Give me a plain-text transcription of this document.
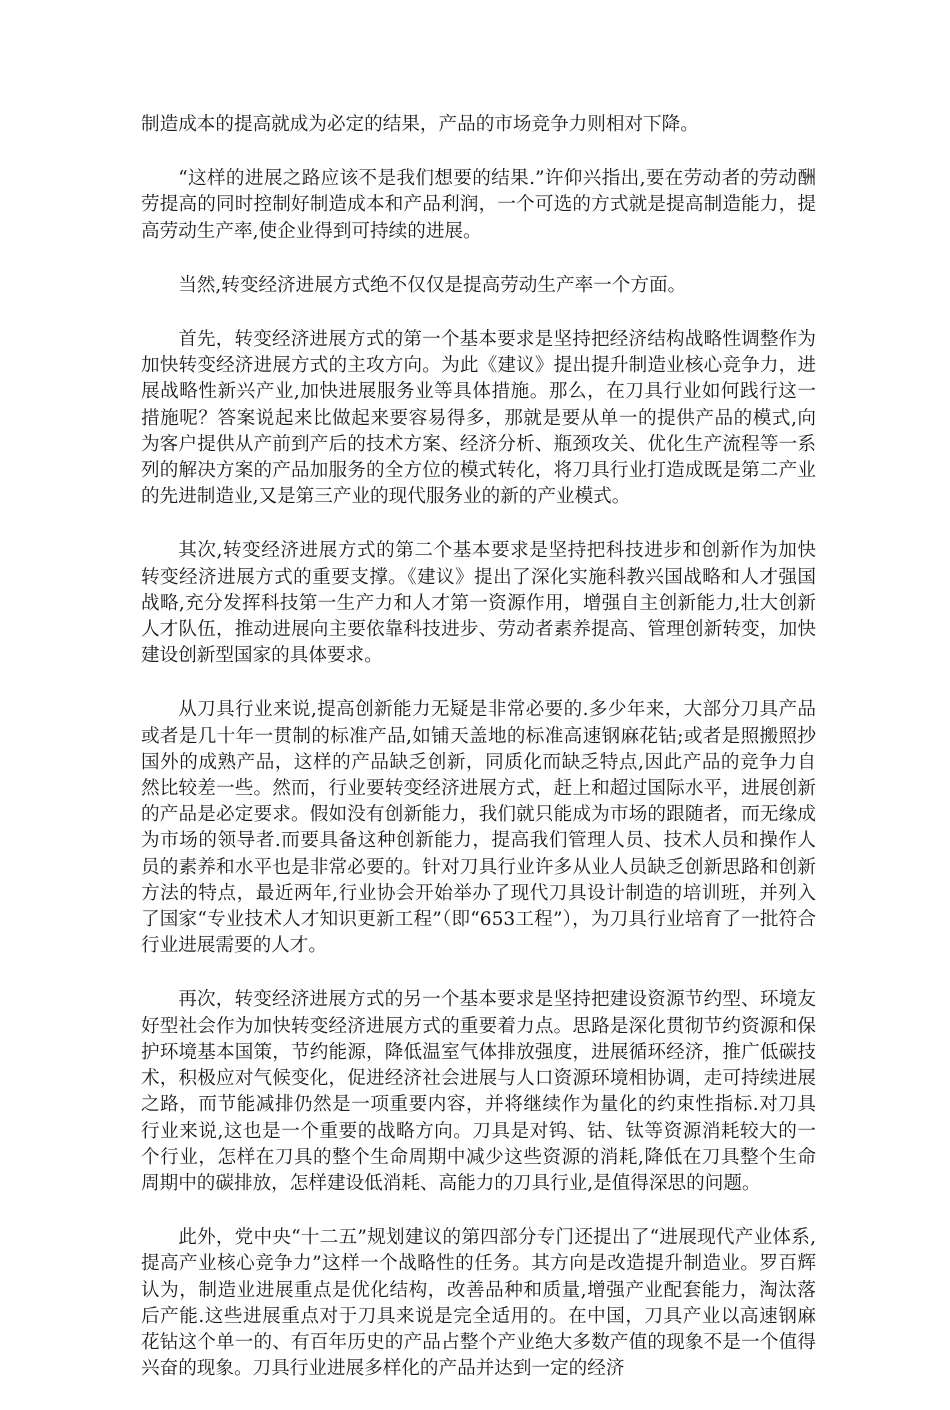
制造成本的提高就成为必定的结果，产品的市场竞争力则相对下降。

“这样的进展之路应该不是我们想要的结果.”许仰兴指出,要在劳动者的劳动酬劳提高的同时控制好制造成本和产品利润，一个可选的方式就是提高制造能力，提高劳动生产率,使企业得到可持续的进展。

当然,转变经济进展方式绝不仅仅是提高劳动生产率一个方面。

首先，转变经济进展方式的第一个基本要求是坚持把经济结构战略性调整作为加快转变经济进展方式的主攻方向。为此《建议》提出提升制造业核心竞争力，进展战略性新兴产业,加快进展服务业等具体措施。那么，在刀具行业如何践行这一措施呢？答案说起来比做起来要容易得多，那就是要从单一的提供产品的模式,向为客户提供从产前到产后的技术方案、经济分析、瓶颈攻关、优化生产流程等一系列的解决方案的产品加服务的全方位的模式转化，将刀具行业打造成既是第二产业的先进制造业,又是第三产业的现代服务业的新的产业模式。

其次,转变经济进展方式的第二个基本要求是坚持把科技进步和创新作为加快转变经济进展方式的重要支撑。《建议》提出了深化实施科教兴国战略和人才强国战略,充分发挥科技第一生产力和人才第一资源作用，增强自主创新能力,壮大创新人才队伍，推动进展向主要依靠科技进步、劳动者素养提高、管理创新转变，加快建设创新型国家的具体要求。

从刀具行业来说,提高创新能力无疑是非常必要的.多少年来，大部分刀具产品或者是几十年一贯制的标准产品,如铺天盖地的标准高速钢麻花钻;或者是照搬照抄国外的成熟产品，这样的产品缺乏创新，同质化而缺乏特点,因此产品的竞争力自然比较差一些。然而，行业要转变经济进展方式，赶上和超过国际水平，进展创新的产品是必定要求。假如没有创新能力，我们就只能成为市场的跟随者，而无缘成为市场的领导者.而要具备这种创新能力，提高我们管理人员、技术人员和操作人员的素养和水平也是非常必要的。针对刀具行业许多从业人员缺乏创新思路和创新方法的特点，最近两年,行业协会开始举办了现代刀具设计制造的培训班，并列入了国家“专业技术人才知识更新工程”（即“653工程”），为刀具行业培育了一批符合行业进展需要的人才。

再次，转变经济进展方式的另一个基本要求是坚持把建设资源节约型、环境友好型社会作为加快转变经济进展方式的重要着力点。思路是深化贯彻节约资源和保护环境基本国策，节约能源，降低温室气体排放强度，进展循环经济，推广低碳技术，积极应对气候变化，促进经济社会进展与人口资源环境相协调，走可持续进展之路，而节能减排仍然是一项重要内容，并将继续作为量化的约束性指标.对刀具行业来说,这也是一个重要的战略方向。刀具是对钨、钴、钛等资源消耗较大的一个行业，怎样在刀具的整个生命周期中减少这些资源的消耗,降低在刀具整个生命周期中的碳排放，怎样建设低消耗、高能力的刀具行业,是值得深思的问题。

此外，党中央“十二五”规划建议的第四部分专门还提出了“进展现代产业体系,提高产业核心竞争力”这样一个战略性的任务。其方向是改造提升制造业。罗百辉认为，制造业进展重点是优化结构，改善品种和质量,增强产业配套能力，淘汰落后产能.这些进展重点对于刀具来说是完全适用的。在中国，刀具产业以高速钢麻花钻这个单一的、有百年历史的产品占整个产业绝大多数产值的现象不是一个值得兴奋的现象。刀具行业进展多样化的产品并达到一定的经济
